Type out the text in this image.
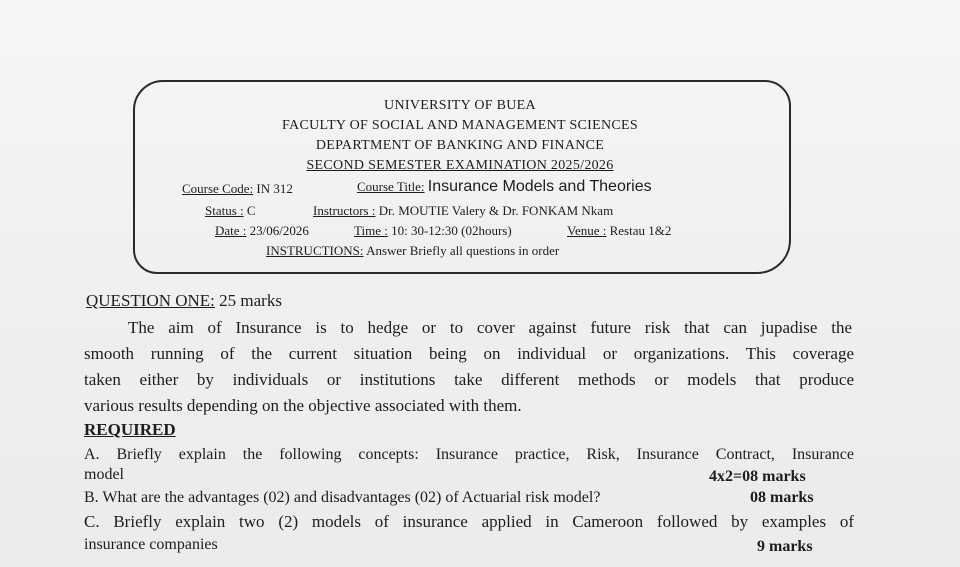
UNIVERSITY OF BUEA
FACULTY OF SOCIAL AND MANAGEMENT SCIENCES
DEPARTMENT OF BANKING AND FINANCE
SECOND SEMESTER EXAMINATION 2025/2026
Course Code: IN 312	Course Title: Insurance Models and Theories
Status : C	Instructors : Dr. MOUTIE Valery & Dr. FONKAM Nkam
Date : 23/06/2026	Time : 10: 30-12:30 (02hours)	Venue : Restau 1&2
INSTRUCTIONS: Answer Briefly all questions in order
QUESTION ONE: 25 marks
The aim of Insurance is to hedge or to cover against future risk that can jupadise the
smooth running of the current situation being on individual or organizations. This coverage
taken either by individuals or institutions take different methods or models that produce
various results depending on the objective associated with them.
REQUIRED
A. Briefly explain the following concepts: Insurance practice, Risk, Insurance Contract, Insurance
model	4x2=08 marks
B. What are the advantages (02) and disadvantages (02) of Actuarial risk model?	08 marks
C. Briefly explain two (2) models of insurance applied in Cameroon followed by examples of
insurance companies	9 marks
